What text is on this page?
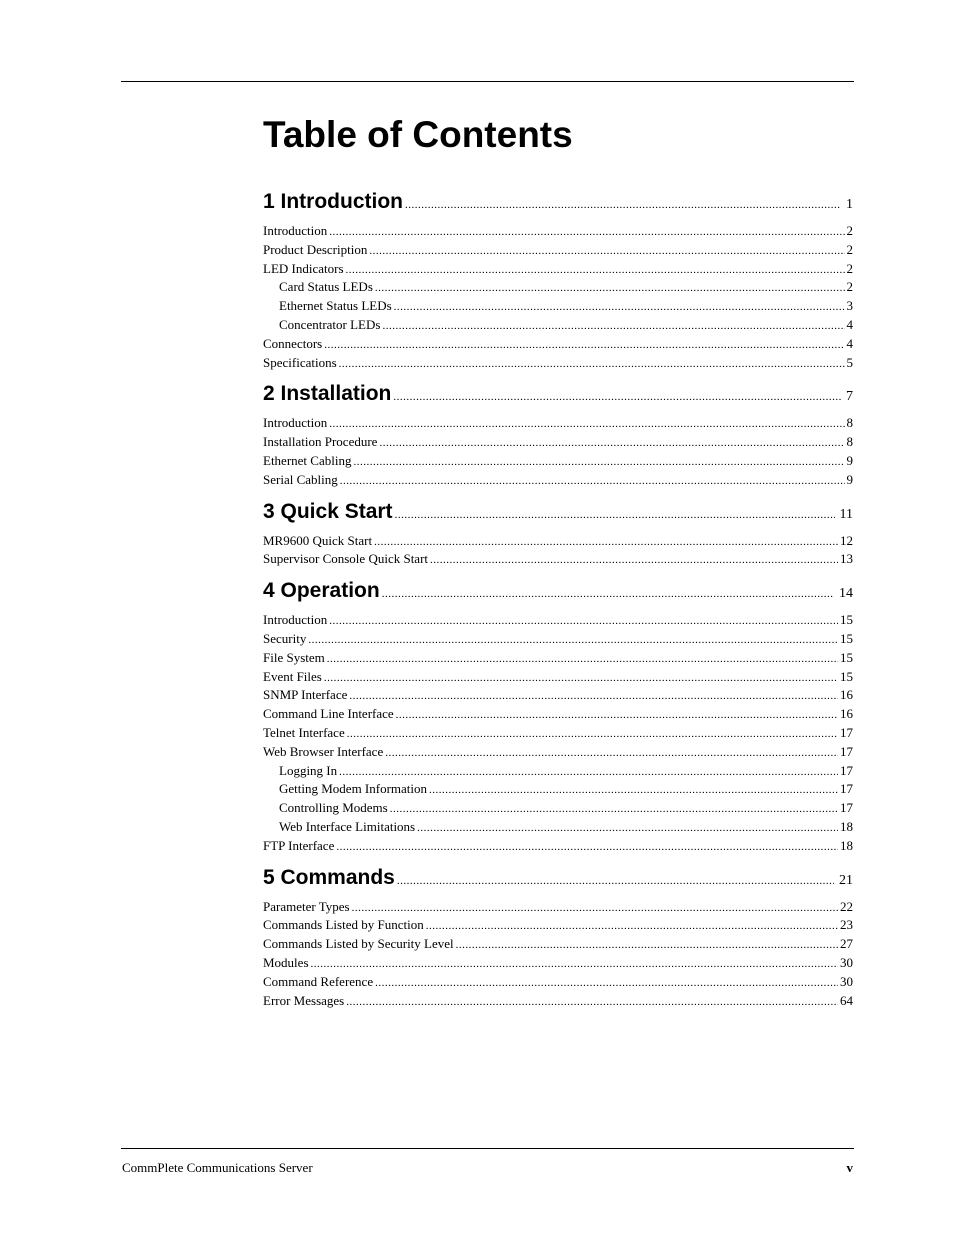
Table of Contents
1 Introduction .....	1
Introduction .....	2
Product Description .....	2
LED Indicators .....	2
Card Status LEDs .....	2
Ethernet Status LEDs .....	3
Concentrator LEDs .....	4
Connectors .....	4
Specifications .....	5
2 Installation .....	7
Introduction .....	8
Installation Procedure .....	8
Ethernet Cabling .....	9
Serial Cabling .....	9
3 Quick Start .....	11
MR9600 Quick Start .....	12
Supervisor Console Quick Start .....	13
4 Operation .....	14
Introduction .....	15
Security .....	15
File System .....	15
Event Files .....	15
SNMP Interface .....	16
Command Line Interface .....	16
Telnet Interface .....	17
Web Browser Interface .....	17
Logging In .....	17
Getting Modem Information .....	17
Controlling Modems .....	17
Web Interface Limitations .....	18
FTP Interface .....	18
5 Commands .....	21
Parameter Types .....	22
Commands Listed by Function .....	23
Commands Listed by Security Level .....	27
Modules .....	30
Command Reference .....	30
Error Messages .....	64
CommPlete Communications Server	v
